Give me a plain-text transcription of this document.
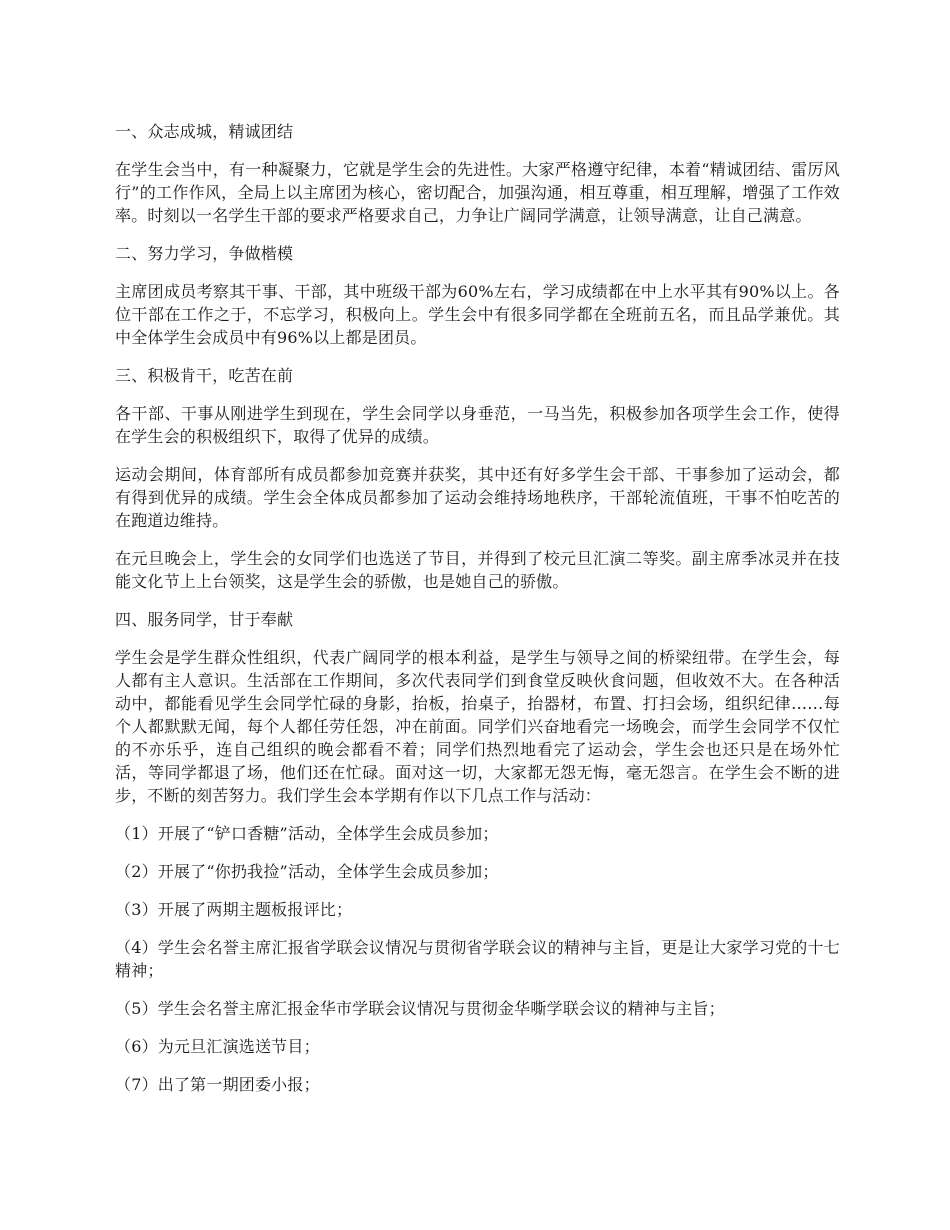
一、众志成城，精诚团结

在学生会当中，有一种凝聚力，它就是学生会的先进性。大家严格遵守纪律，本着“精诚团结、雷厉风行”的工作作风，全局上以主席团为核心，密切配合，加强沟通，相互尊重，相互理解，增强了工作效率。时刻以一名学生干部的要求严格要求自己，力争让广阔同学满意，让领导满意，让自己满意。

二、努力学习，争做楷模

主席团成员考察其干事、干部，其中班级干部为60%左右，学习成绩都在中上水平其有90%以上。各位干部在工作之于，不忘学习，积极向上。学生会中有很多同学都在全班前五名，而且品学兼优。其中全体学生会成员中有96%以上都是团员。

三、积极肯干，吃苦在前

各干部、干事从刚进学生到现在，学生会同学以身垂范，一马当先，积极参加各项学生会工作，使得在学生会的积极组织下，取得了优异的成绩。

运动会期间，体育部所有成员都参加竞赛并获奖，其中还有好多学生会干部、干事参加了运动会，都有得到优异的成绩。学生会全体成员都参加了运动会维持场地秩序，干部轮流值班，干事不怕吃苦的在跑道边维持。

在元旦晚会上，学生会的女同学们也选送了节目，并得到了校元旦汇演二等奖。副主席季冰灵并在技能文化节上上台领奖，这是学生会的骄傲，也是她自己的骄傲。

四、服务同学，甘于奉献

学生会是学生群众性组织，代表广阔同学的根本利益，是学生与领导之间的桥梁纽带。在学生会，每人都有主人意识。生活部在工作期间，多次代表同学们到食堂反映伙食问题，但收效不大。在各种活动中，都能看见学生会同学忙碌的身影，抬板，抬桌子，抬器材，布置、打扫会场，组织纪律……每个人都默默无闻，每个人都任劳任怨，冲在前面。同学们兴奋地看完一场晚会，而学生会同学不仅忙的不亦乐乎，连自己组织的晚会都看不着；同学们热烈地看完了运动会，学生会也还只是在场外忙活，等同学都退了场，他们还在忙碌。面对这一切，大家都无怨无悔，毫无怨言。在学生会不断的进步，不断的刻苦努力。我们学生会本学期有作以下几点工作与活动：

（1）开展了“铲口香糖”活动，全体学生会成员参加；

（2）开展了“你扔我捡”活动，全体学生会成员参加；

（3）开展了两期主题板报评比；

（4）学生会名誉主席汇报省学联会议情况与贯彻省学联会议的精神与主旨，更是让大家学习党的十七精神；

（5）学生会名誉主席汇报金华市学联会议情况与贯彻金华嘶学联会议的精神与主旨；

（6）为元旦汇演选送节目；

（7）出了第一期团委小报；
